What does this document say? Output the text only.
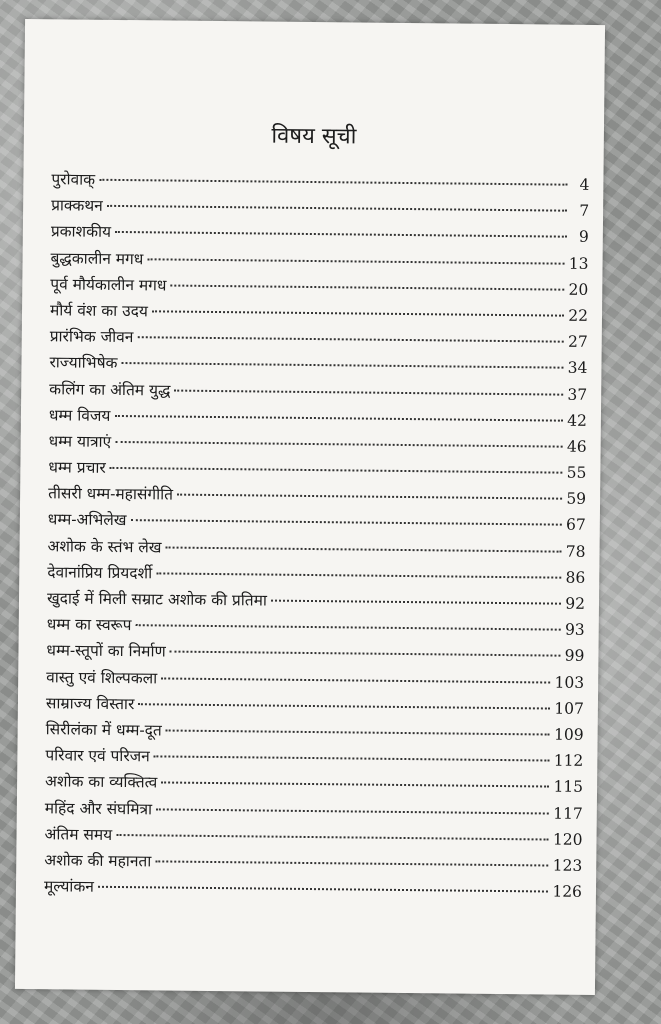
विषय सूची
पुरोवाक्	4
प्राक्कथन	7
प्रकाशकीय	9
बुद्धकालीन मगध	13
पूर्व मौर्यकालीन मगध	20
मौर्य वंश का उदय	22
प्रारंभिक जीवन	27
राज्याभिषेक	34
कलिंग का अंतिम युद्ध	37
धम्म विजय	42
धम्म यात्राएं	46
धम्म प्रचार	55
तीसरी धम्म-महासंगीति	59
धम्म-अभिलेख	67
अशोक के स्तंभ लेख	78
देवानांप्रिय प्रियदर्शी	86
खुदाई में मिली सम्राट अशोक की प्रतिमा	92
धम्म का स्वरूप	93
धम्म-स्तूपों का निर्माण	99
वास्तु एवं शिल्पकला	103
साम्राज्य विस्तार	107
सिरीलंका में धम्म-दूत	109
परिवार एवं परिजन	112
अशोक का व्यक्तित्व	115
महिंद और संघमित्रा	117
अंतिम समय	120
अशोक की महानता	123
मूल्यांकन	126
